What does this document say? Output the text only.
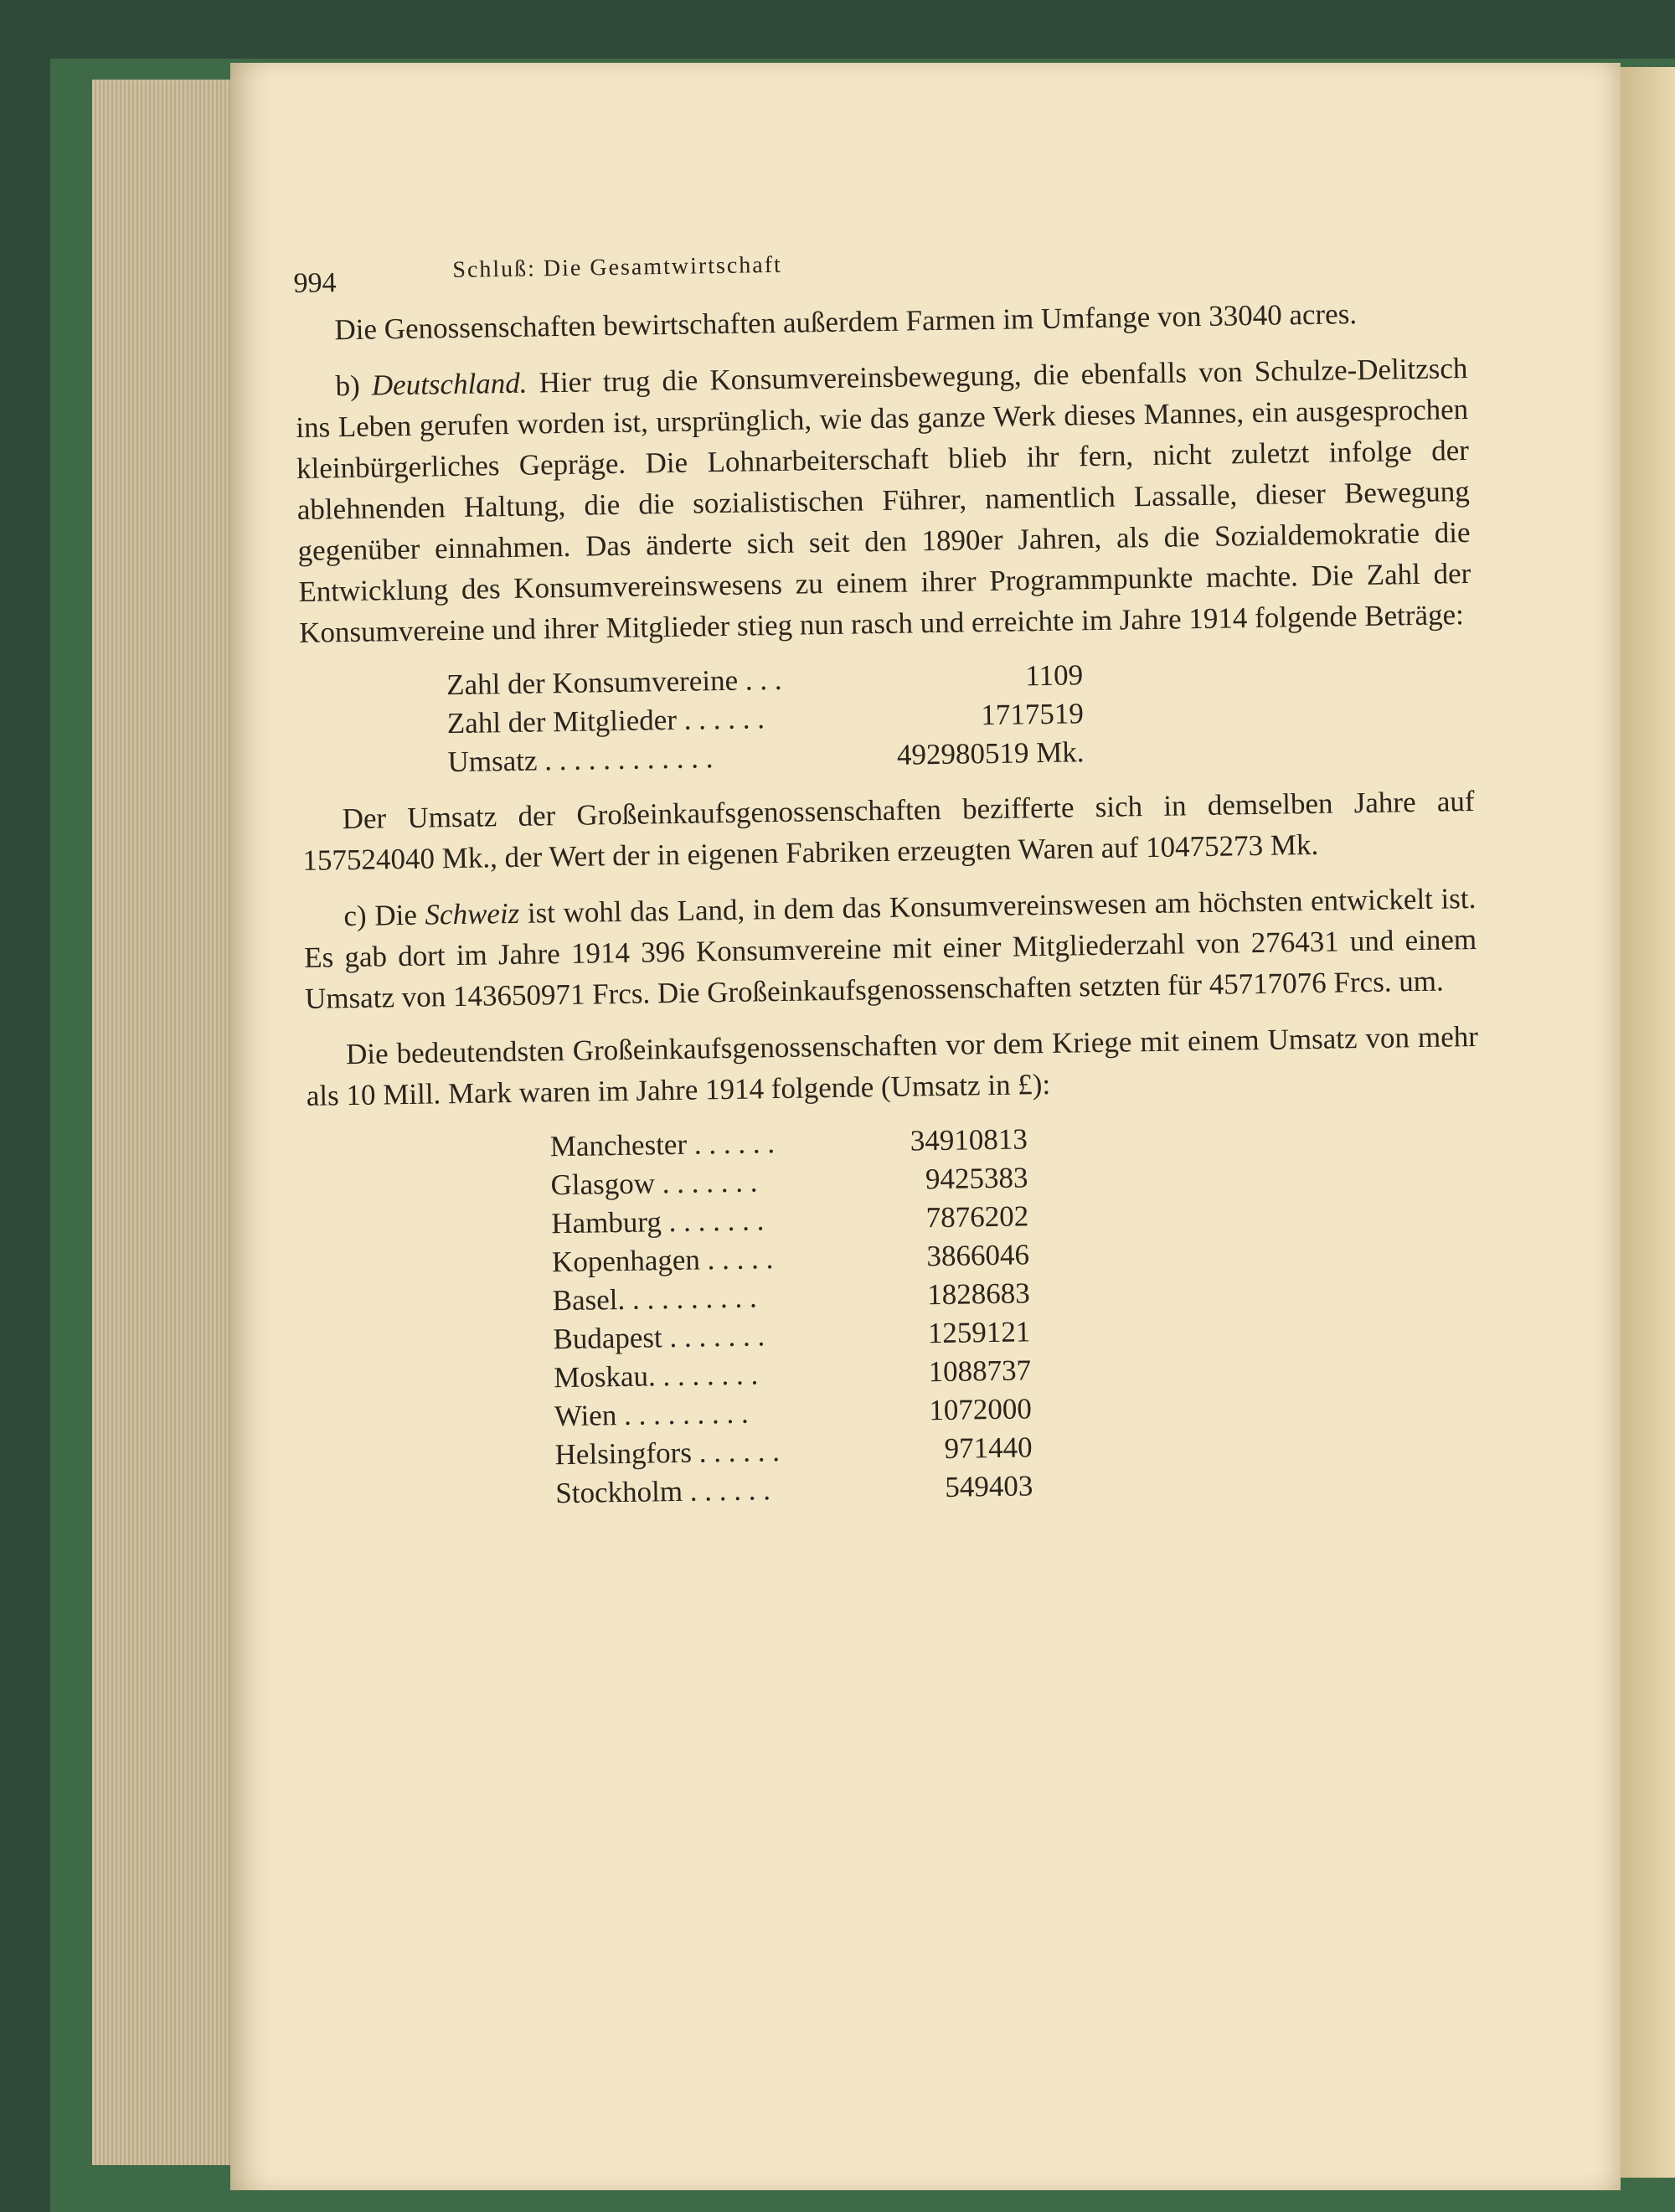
994	Schluß: Die Gesamtwirtschaft

Die Genossenschaften bewirtschaften außerdem Farmen im Umfange von 33040 acres.

b) Deutschland. Hier trug die Konsumvereinsbewegung, die ebenfalls von Schulze-Delitzsch ins Leben gerufen worden ist, ursprünglich, wie das ganze Werk dieses Mannes, ein ausgesprochen kleinbürgerliches Gepräge. Die Lohnarbeiterschaft blieb ihr fern, nicht zuletzt infolge der ablehnenden Haltung, die die sozialistischen Führer, namentlich Lassalle, dieser Bewegung gegenüber einnahmen. Das änderte sich seit den 1890er Jahren, als die Sozialdemokratie die Entwicklung des Konsumvereinswesens zu einem ihrer Programmpunkte machte. Die Zahl der Konsumvereine und ihrer Mitglieder stieg nun rasch und erreichte im Jahre 1914 folgende Beträge:

Zahl der Konsumvereine . . .	1109
Zahl der Mitglieder . . . . . .	1717519
Umsatz . . . . . . . . . . . .	492980519 Mk.

Der Umsatz der Großeinkaufsgenossenschaften bezifferte sich in demselben Jahre auf 157524040 Mk., der Wert der in eigenen Fabriken erzeugten Waren auf 10475273 Mk.

c) Die Schweiz ist wohl das Land, in dem das Konsumvereinswesen am höchsten entwickelt ist. Es gab dort im Jahre 1914 396 Konsumvereine mit einer Mitgliederzahl von 276431 und einem Umsatz von 143650971 Frcs. Die Großeinkaufsgenossenschaften setzten für 45717076 Frcs. um.

Die bedeutendsten Großeinkaufsgenossenschaften vor dem Kriege mit einem Umsatz von mehr als 10 Mill. Mark waren im Jahre 1914 folgende (Umsatz in £):

Manchester . . . . . .	34910813
Glasgow . . . . . . .	9425383
Hamburg . . . . . . .	7876202
Kopenhagen . . . . .	3866046
Basel. . . . . . . . . .	1828683
Budapest . . . . . . .	1259121
Moskau. . . . . . . .	1088737
Wien . . . . . . . . .	1072000
Helsingfors . . . . . .	971440
Stockholm . . . . . .	549403
